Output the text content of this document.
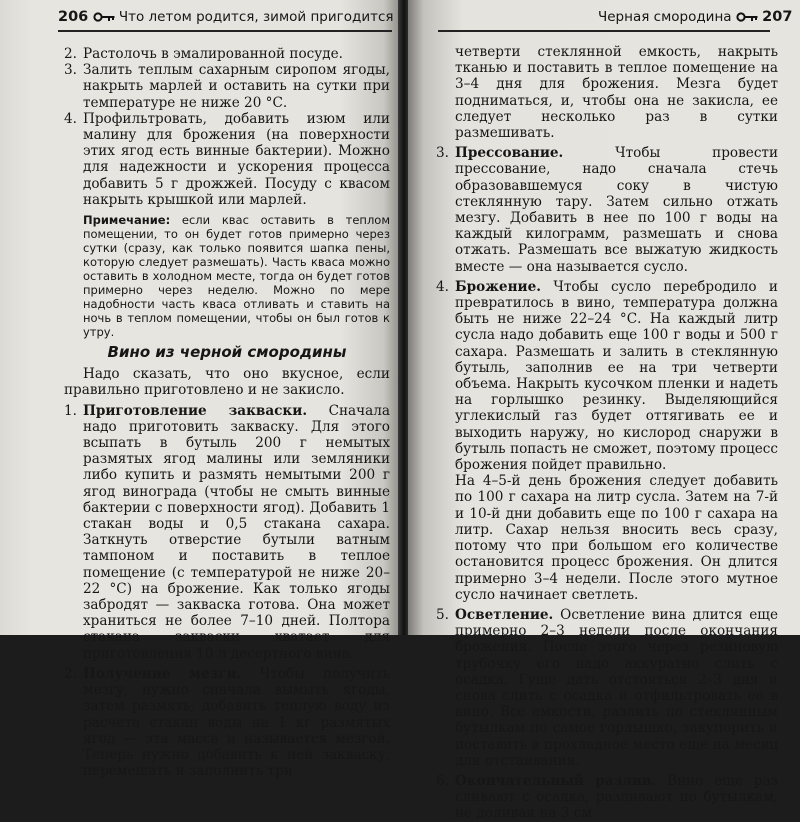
206 Что летом родится, зимой пригодится
2. Растолочь в эмалированной посуде.
3. Залить теплым сахарным сиропом ягоды, накрыть марлей и оставить на сутки при температуре не ниже 20 °С.
4. Профильтровать, добавить изюм или малину для брожения (на поверхности этих ягод есть винные бактерии). Можно для надежности и ускорения процесса добавить 5 г дрожжей. Посуду с квасом накрыть крышкой или марлей.
Примечание: если квас оставить в теплом помещении, то он будет готов примерно через сутки (сразу, как только появится шапка пены, которую следует размешать). Часть кваса можно оставить в холодном месте, тогда он будет готов примерно через неделю. Можно по мере надобности часть кваса отливать и ставить на ночь в теплом помещении, чтобы он был готов к утру.
Вино из черной смородины
Надо сказать, что оно вкусное, если правильно приготовлено и не закисло.
1. Приготовление закваски. Сначала надо приготовить закваску. Для этого всыпать в бутыль 200 г немытых размятых ягод малины или земляники либо купить и размять немытыми 200 г ягод винограда (чтобы не смыть винные бактерии с поверхности ягод). Добавить 1 стакан воды и 0,5 стакана сахара. Заткнуть отверстие бутыли ватным тампоном и поставить в теплое помещение (с температурой не ниже 20–22 °С) на брожение. Как только ягоды забродят — закваска готова. Она может храниться не более 7–10 дней. Полтора стакана закваски хватает для приготовления 10 л десертного вина.
2. Получение мезги. Чтобы получить мезгу, нужно сначала вымыть ягоды, затем размять, добавить теплую воду из расчета стакан воды на 1 кг размятых ягод — эта масса и называется мезгой. Теперь нужно добавить к ней закваску, перемешать и заполнить три
Черная смородина 207
четверти стеклянной емкость, накрыть тканью и поставить в теплое помещение на 3–4 дня для брожения. Мезга будет подниматься, и, чтобы она не закисла, ее следует несколько раз в сутки размешивать.
3. Прессование.	Чтобы провести прессование, надо сначала стечь образовавшемуся соку в чистую стеклянную тару. Затем сильно отжать мезгу. Добавить в нее по 100 г воды на каждый килограмм, размешать и снова отжать. Размешать все выжатую жидкость вместе — она называется сусло.
4. Брожение. Чтобы сусло перебродило и превратилось в вино, температура должна быть не ниже 22–24 °С. На каждый литр сусла надо добавить еще 100 г воды и 500 г сахара. Размешать и залить в стеклянную бутыль, заполнив ее на три четверти объема. Накрыть кусочком пленки и надеть на горлышко резинку. Выделяющийся углекислый газ будет оттягивать ее и выходить наружу, но кислород снаружи в бутыль попасть не сможет, поэтому процесс брожения пойдет правильно.
На 4–5-й день брожения следует добавить по 100 г сахара на литр сусла. Затем на 7-й и 10-й дни добавить еще по 100 г сахара на литр. Сахар нельзя вносить весь сразу, потому что при большом его количестве остановится процесс брожения. Он длится примерно 3–4 недели. После этого мутное сусло начинает светлеть.
5. Осветление. Осветление вина длится еще примерно 2–3 недели после окончания брожения. После этого через резиновую трубочку его надо аккуратно слить с осадка. Гуще дать отстояться 2–3 дня и снова слить с осадка и отфильтровать ее в вино. Все емкости, разлить по стеклянным бутылкам по самое горлышко, закупорить и поставить в прохладное место еще на месяц для отстаивания.
6. Окончательный разлив. Вино еще раз сливают с осадка, разливают по бутылкам, не доливая на 3 см
